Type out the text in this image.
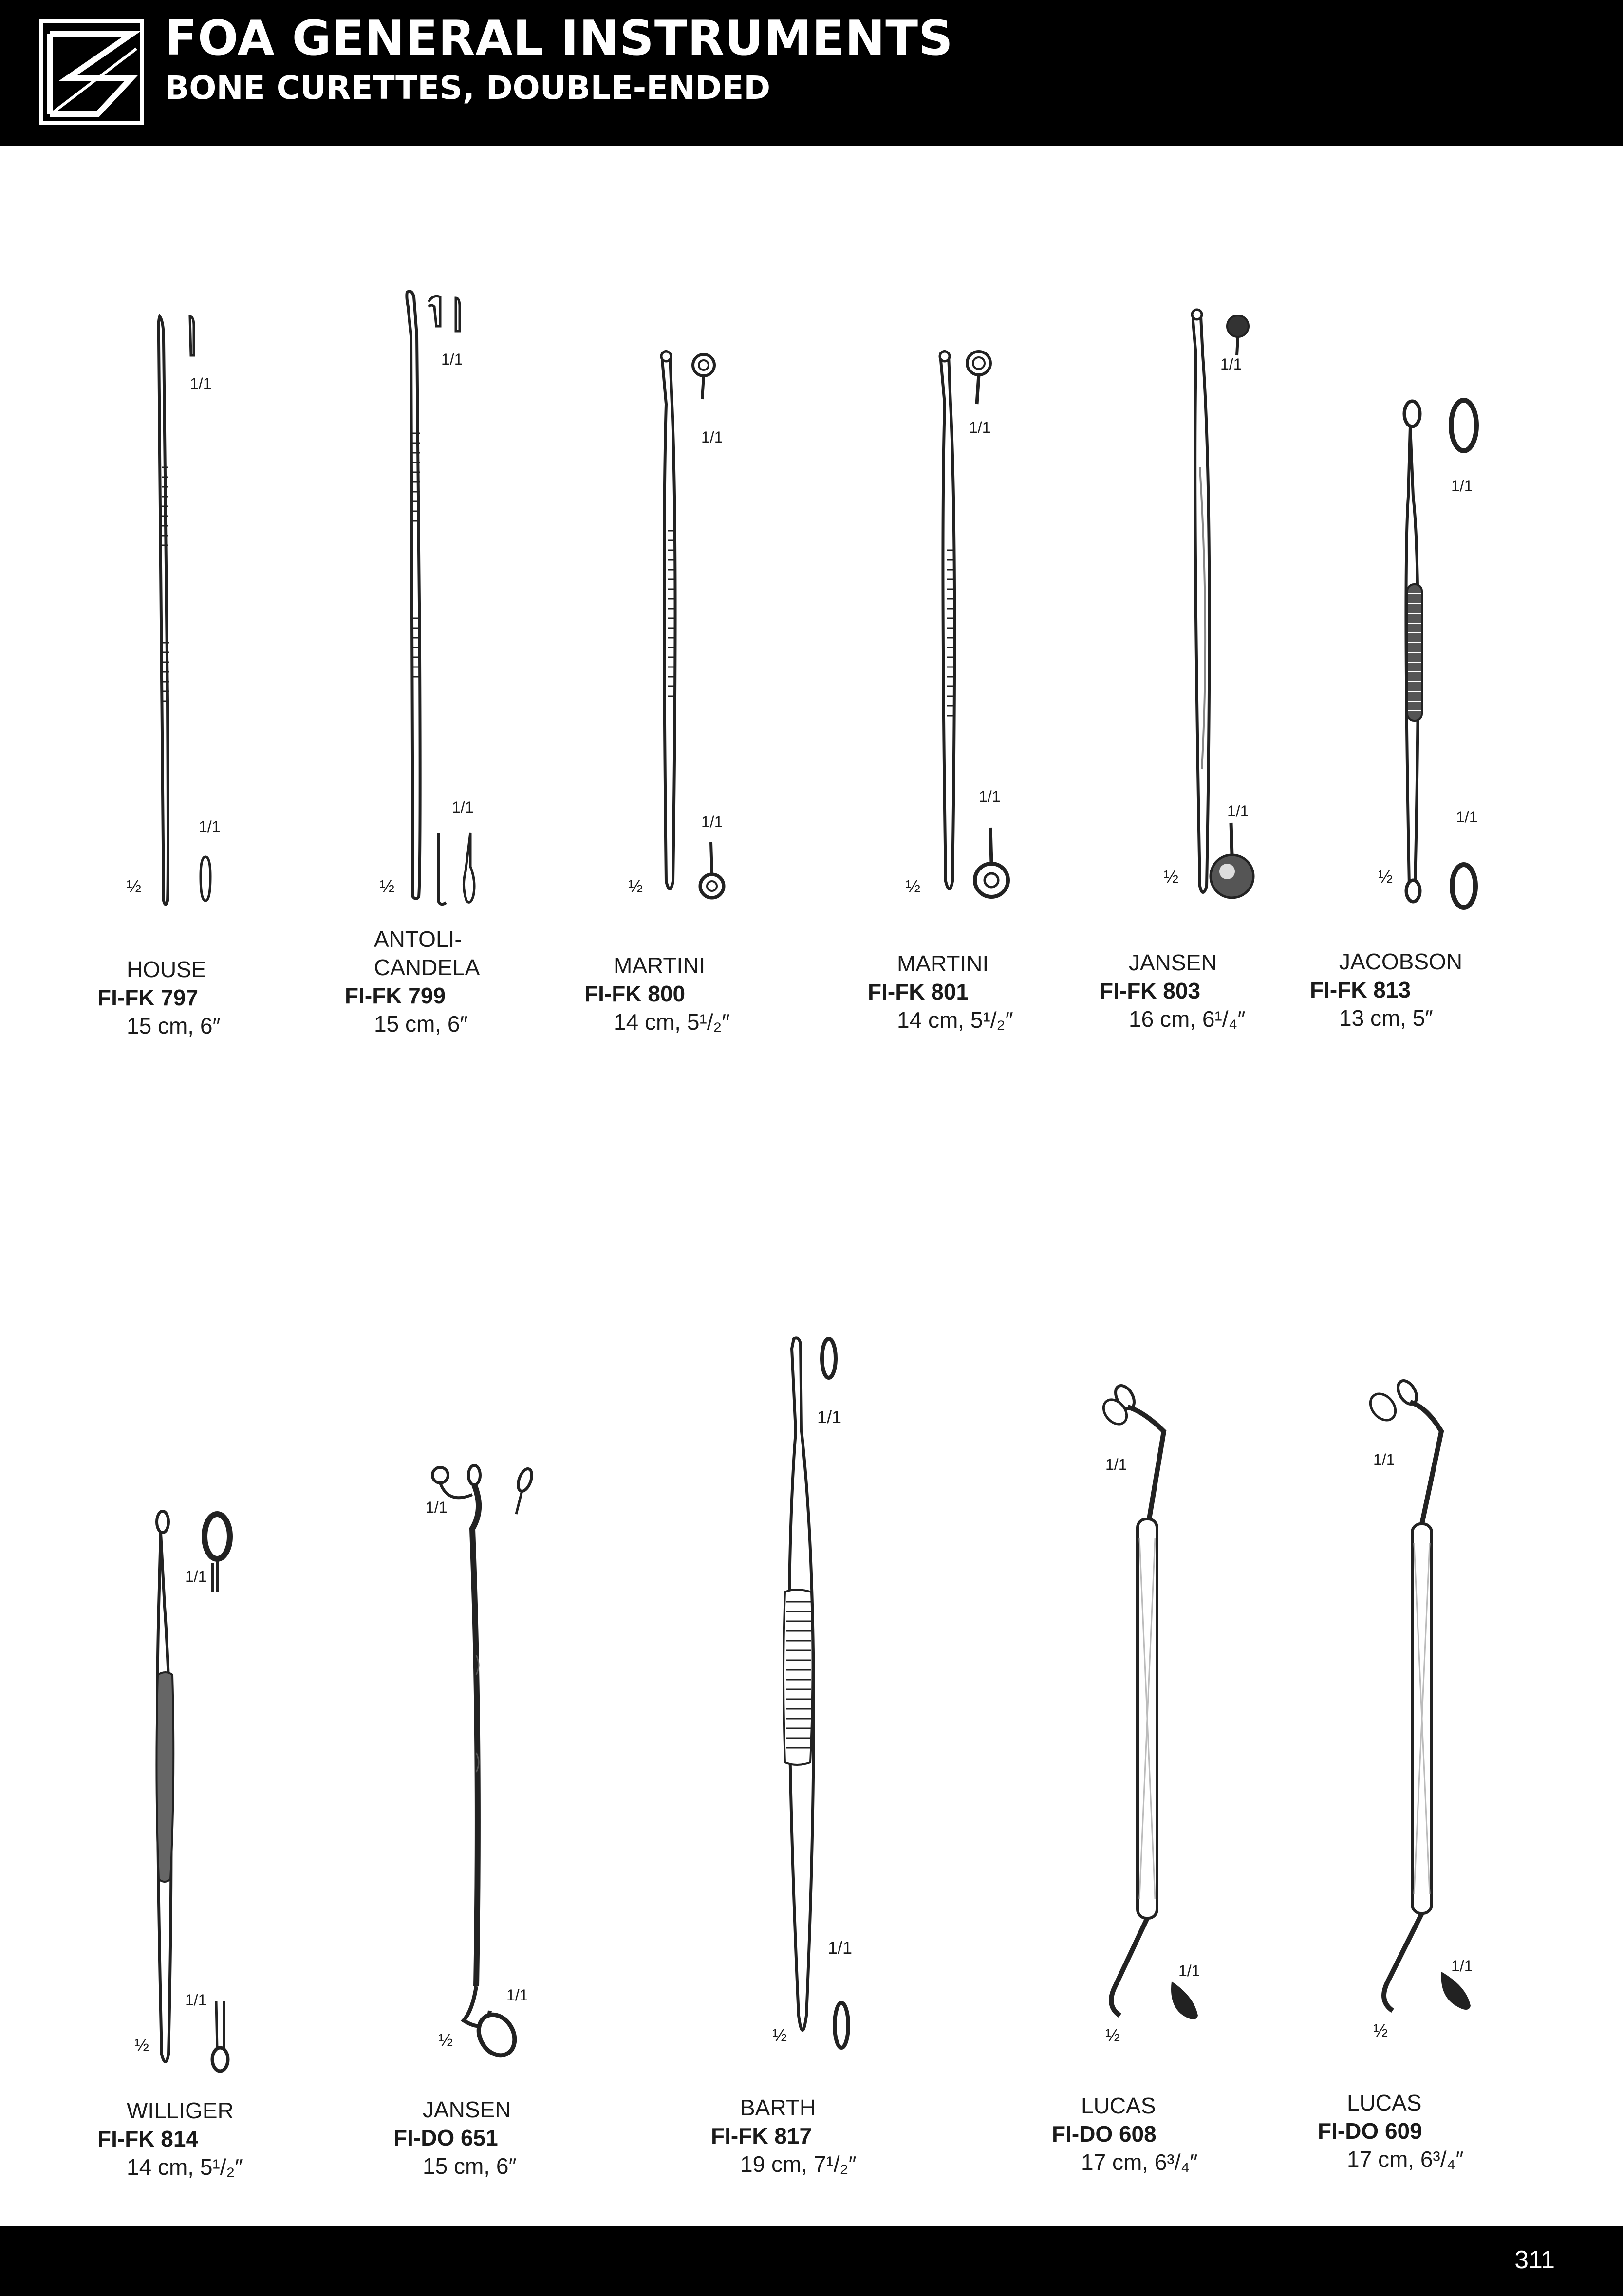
FOA GENERAL INSTRUMENTS
BONE CURETTES, DOUBLE-ENDED
1/1
½
1/1
HOUSE
FI-FK 797
15 cm, 6″
1/1
½
1/1
ANTOLI-
CANDELA
FI-FK 799
15 cm, 6″
1/1
½
1/1
MARTINI
FI-FK 800
14 cm, 5¹/₂″
1/1
½
1/1
MARTINI
FI-FK 801
14 cm, 5¹/₂″
1/1
½
1/1
JANSEN
FI-FK 803
16 cm, 6¹/₄″
1/1
½
1/1
JACOBSON
FI-FK 813
13 cm, 5″
1/1
½
1/1
WILLIGER
FI-FK 814
14 cm, 5¹/₂″
1/1
½
1/1
JANSEN
FI-DO 651
15 cm, 6″
1/1
½
1/1
BARTH
FI-FK 817
19 cm, 7¹/₂″
1/1
½
1/1
LUCAS
FI-DO 608
17 cm, 6³/₄″
1/1
½
1/1
LUCAS
FI-DO 609
17 cm, 6³/₄″
311
